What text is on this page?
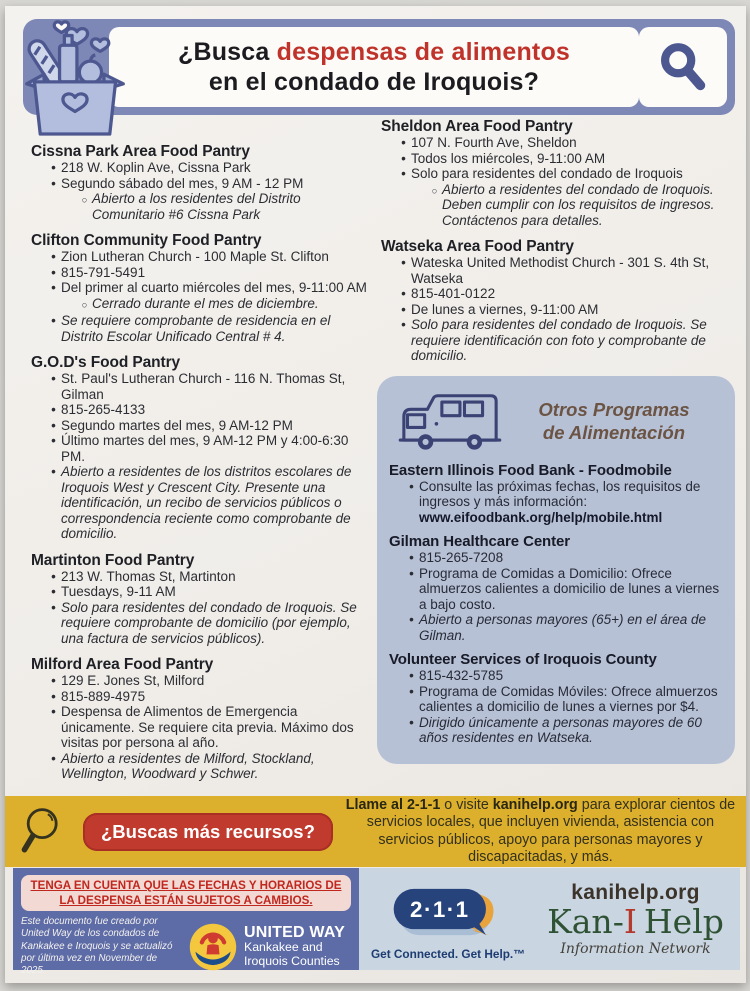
¿Busca despensas de alimentos
en el condado de Iroquois?
Cissna Park Area Food Pantry
• 218 W. Koplin Ave, Cissna Park
• Segundo sábado del mes, 9 AM - 12 PM
○ Abierto a los residentes del Distrito Comunitario #6 Cissna Park
Clifton Community Food Pantry
• Zion Lutheran Church - 100 Maple St. Clifton
• 815-791-5491
• Del primer al cuarto miércoles del mes, 9-11:00 AM
○ Cerrado durante el mes de diciembre.
• Se requiere comprobante de residencia en el Distrito Escolar Unificado Central # 4.
G.O.D's Food Pantry
• St. Paul's Lutheran Church - 116 N. Thomas St, Gilman
• 815-265-4133
• Segundo martes del mes, 9 AM-12 PM
• Último martes del mes, 9 AM-12 PM y 4:00-6:30 PM.
• Abierto a residentes de los distritos escolares de Iroquois West y Crescent City. Presente una identificación, un recibo de servicios públicos o correspondencia reciente como comprobante de domicilio.
Martinton Food Pantry
• 213 W. Thomas St, Martinton
• Tuesdays, 9-11 AM
• Solo para residentes del condado de Iroquois. Se requiere comprobante de domicilio (por ejemplo, una factura de servicios públicos).
Milford Area Food Pantry
• 129 E. Jones St, Milford
• 815-889-4975
• Despensa de Alimentos de Emergencia únicamente. Se requiere cita previa. Máximo dos visitas por persona al año.
• Abierto a residentes de Milford, Stockland, Wellington, Woodward y Schwer.
Sheldon Area Food Pantry
• 107 N. Fourth Ave, Sheldon
• Todos los miércoles, 9-11:00 AM
• Solo para residentes del condado de Iroquois
○ Abierto a residentes del condado de Iroquois. Deben cumplir con los requisitos de ingresos. Contáctenos para detalles.
Watseka Area Food Pantry
• Wateska United Methodist Church - 301 S. 4th St, Watseka
• 815-401-0122
• De lunes a viernes, 9-11:00 AM
• Solo para residentes del condado de Iroquois. Se requiere identificación con foto y comprobante de domicilio.
Otros Programas
de Alimentación
Eastern Illinois Food Bank - Foodmobile
• Consulte las próximas fechas, los requisitos de ingresos y más información:
www.eifoodbank.org/help/mobile.html
Gilman Healthcare Center
• 815-265-7208
• Programa de Comidas a Domicilio: Ofrece almuerzos calientes a domicilio de lunes a viernes a bajo costo.
• Abierto a personas mayores (65+) en el área de Gilman.
Volunteer Services of Iroquois County
• 815-432-5785
• Programa de Comidas Móviles: Ofrece almuerzos calientes a domicilio de lunes a viernes por $4.
• Dirigido únicamente a personas mayores de 60 años residentes en Watseka.
¿Buscas más recursos?
Llame al 2-1-1 o visite kanihelp.org para explorar cientos de servicios locales, que incluyen vivienda, asistencia con servicios públicos, apoyo para personas mayores y discapacitadas, y más.
TENGA EN CUENTA QUE LAS FECHAS Y HORARIOS DE
LA DESPENSA ESTÁN SUJETOS A CAMBIOS.
Este documento fue creado por United Way de los condados de Kankakee e Iroquois y se actualizó por última vez en November de 2025.
UNITED WAY
Kankakee and
Iroquois Counties
2·1·1
Get Connected. Get Help.™
kanihelp.org
Kan-I Help
Information Network
